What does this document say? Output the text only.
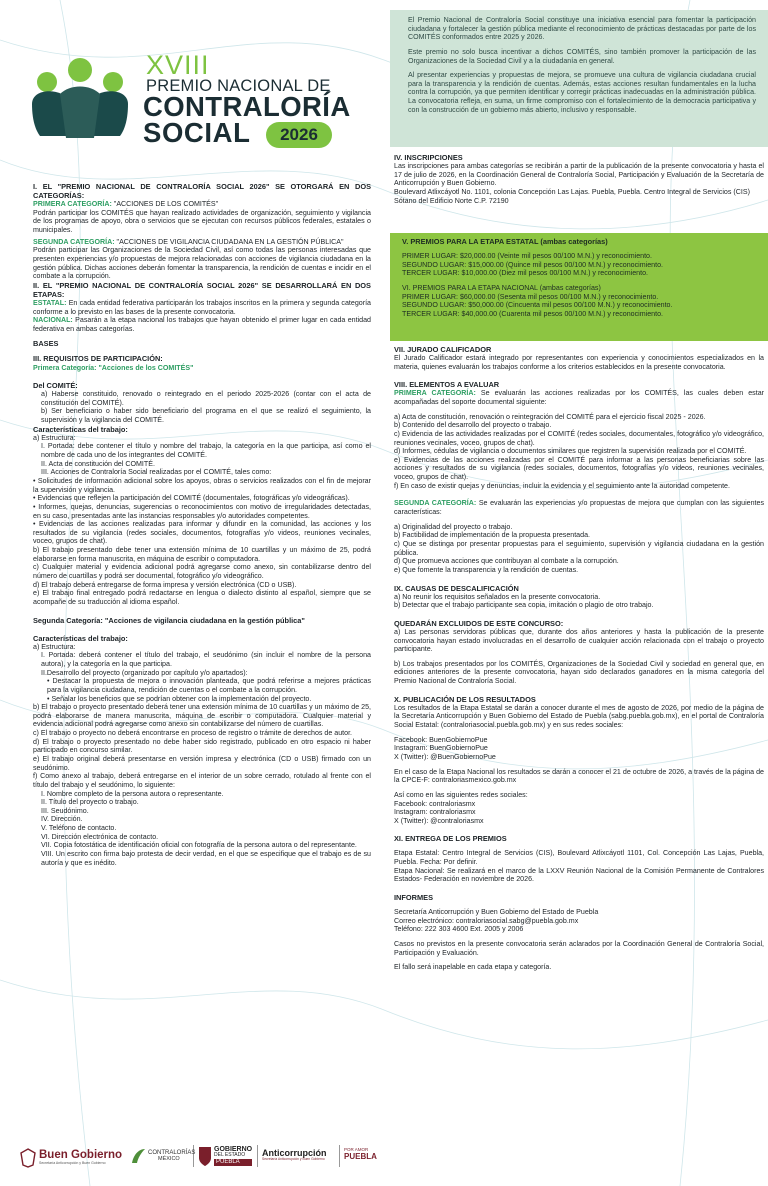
XVIII
PREMIO NACIONAL DE
CONTRALORÍA
SOCIAL	2026

El Premio Nacional de Contraloría Social constituye una iniciativa esencial para fomentar la participación ciudadana y fortalecer la gestión pública mediante el reconocimiento de prácticas destacadas por parte de los COMITÉS conformados entre 2025 y 2026.

Este premio no solo busca incentivar a dichos COMITÉS, sino también promover la participación de las Organizaciones de la Sociedad Civil y a la ciudadanía en general.

Al presentar experiencias y propuestas de mejora, se promueve una cultura de vigilancia ciudadana crucial para la transparencia y la rendición de cuentas. Además, estas acciones resultan fundamentales en la lucha contra la corrupción, ya que permiten identificar y corregir prácticas inadecuadas en la administración pública. La convocatoria refleja, en suma, un firme compromiso con el fortalecimiento de la democracia participativa y con la construcción de un gobierno más abierto, inclusivo y responsable.

I. EL "PREMIO NACIONAL DE CONTRALORÍA SOCIAL 2026" SE OTORGARÁ EN DOS CATEGORÍAS:

PRIMERA CATEGORÍA: "ACCIONES DE LOS COMITÉS"

Podrán participar los COMITÉS que hayan realizado actividades de organización, seguimiento y vigilancia de los programas de apoyo, obra o servicios que se ejecutan con recursos públicos federales, estatales o municipales.

SEGUNDA CATEGORÍA: "ACCIONES DE VIGILANCIA CIUDADANA EN LA GESTIÓN PÚBLICA"

Podrán participar las Organizaciones de la Sociedad Civil, así como todas las personas interesadas que presenten experiencias y/o propuestas de mejora relacionadas con acciones de vigilancia ciudadana en la gestión pública. Dichas acciones deberán fomentar la transparencia, la rendición de cuentas e incidir en el combate a la corrupción.

II. EL "PREMIO NACIONAL DE CONTRALORÍA SOCIAL 2026" SE DESARROLLARÁ EN DOS ETAPAS:

ESTATAL: En cada entidad federativa participarán los trabajos inscritos en la primera y segunda categoría conforme a lo previsto en las bases de la presente convocatoria.

NACIONAL: Pasarán a la etapa nacional los trabajos que hayan obtenido el primer lugar en cada entidad federativa en ambas categorías.

BASES

III. REQUISITOS DE PARTICIPACIÓN:

Primera Categoría: "Acciones de los COMITÉS"

Del COMITÉ:

a) Haberse constituido, renovado o reintegrado en el periodo 2025-2026 (contar con el acta de constitución del COMITÉ).

b) Ser beneficiario o haber sido beneficiario del programa en el que se realizó el seguimiento, la supervisión y la vigilancia del COMITÉ.

Características del trabajo:

a) Estructura:

I. Portada: debe contener el título y nombre del trabajo, la categoría en la que participa, así como el nombre de cada uno de los integrantes del COMITÉ.

II. Acta de constitución del COMITÉ.

III. Acciones de Contraloría Social realizadas por el COMITÉ, tales como:

• Solicitudes de información adicional sobre los apoyos, obras o servicios realizados con el fin de mejorar la supervisión y vigilancia.

• Evidencias que reflejen la participación del COMITÉ (documentales, fotográficas y/o videográficas).

• Informes, quejas, denuncias, sugerencias o reconocimientos con motivo de irregularidades detectadas, en su caso, presentadas ante las instancias responsables y/o autoridades competentes.

• Evidencias de las acciones realizadas para informar y difundir en la comunidad, las acciones y los resultados de su vigilancia (redes sociales, documentos, fotografías y/o videos, reuniones vecinales, voceo, grupos de chat).

b) El trabajo presentado debe tener una extensión mínima de 10 cuartillas y un máximo de 25, podrá elaborarse en forma manuscrita, en máquina de escribir o computadora.

c) Cualquier material y evidencia adicional podrá agregarse como anexo, sin contabilizarse dentro del número de cuartillas y podrá ser documental, fotográfico y/o videográfico.

d) El trabajo deberá entregarse de forma impresa y versión electrónica (CD o USB).

e) El trabajo final entregado podrá redactarse en lengua o dialecto distinto al español, siempre que se acompañe de su traducción al idioma español.

Segunda Categoría: "Acciones de vigilancia ciudadana en la gestión pública"

Características del trabajo:

a) Estructura:

I. Portada: deberá contener el título del trabajo, el seudónimo (sin incluir el nombre de la persona autora), y la categoría en la que participa.

II.Desarrollo del proyecto (organizado por capítulo y/o apartados):

• Destacar la propuesta de mejora o innovación planteada, que podrá referirse a mejores prácticas para la vigilancia ciudadana, rendición de cuentas o el combate a la corrupción.

• Señalar los beneficios que se podrían obtener con la implementación del proyecto.

b) El trabajo o proyecto presentado deberá tener una extensión mínima de 10 cuartillas y un máximo de 25, podrá elaborarse de manera manuscrita, máquina de escribir o computadora. Cualquier material y evidencia adicional podrá agregarse como anexo sin contabilizarse del número de cuartillas.

c) El trabajo o proyecto no deberá encontrarse en proceso de registro o trámite de derechos de autor.

d) El trabajo o proyecto presentado no debe haber sido registrado, publicado en otro espacio ni haber participado en concurso similar.

e) El trabajo original deberá presentarse en versión impresa y electrónica (CD o USB) firmado con un seudónimo.

f) Como anexo al trabajo, deberá entregarse en el interior de un sobre cerrado, rotulado al frente con el título del trabajo y el seudónimo, lo siguiente:

I. Nombre completo de la persona autora o representante.

II. Título del proyecto o trabajo.

III. Seudónimo.

IV. Dirección.

V. Teléfono de contacto.

VI. Dirección electrónica de contacto.

VII. Copia fotostática de identificación oficial con fotografía de la persona autora o del representante.

VIII. Un escrito con firma bajo protesta de decir verdad, en el que se especifique que el trabajo es de su autoría y que es inédito.

IV. INSCRIPCIONES

Las inscripciones para ambas categorías se recibirán a partir de la publicación de la presente convocatoria y hasta el 17 de julio de 2026, en la Coordinación General de Contraloría Social, Participación y Evaluación de la Secretaría de Anticorrupción y Buen Gobierno.

Boulevard Atlixcáyotl No. 1101, colonia Concepción Las Lajas. Puebla, Puebla. Centro Integral de Servicios (CIS) Sótano del Edificio Norte C.P. 72190

V. PREMIOS PARA LA ETAPA ESTATAL (ambas categorías)

PRIMER LUGAR: $20,000.00 (Veinte mil pesos 00/100 M.N.) y reconocimiento.

SEGUNDO LUGAR: $15,000.00 (Quince mil pesos 00/100 M.N.) y reconocimiento.

TERCER LUGAR: $10,000.00 (Diez mil pesos 00/100 M.N.) y reconocimiento.

VI. PREMIOS PARA LA ETAPA NACIONAL (ambas categorías)

PRIMER LUGAR: $60,000.00 (Sesenta mil pesos 00/100 M.N.) y reconocimiento.

SEGUNDO LUGAR: $50,000.00 (Cincuenta mil pesos 00/100 M.N.) y reconocimiento.

TERCER LUGAR: $40,000.00 (Cuarenta mil pesos 00/100 M.N.) y reconocimiento.

VII. JURADO CALIFICADOR

El Jurado Calificador estará integrado por representantes con experiencia y conocimientos especializados en la materia, quienes evaluarán los trabajos conforme a los criterios establecidos en la presente convocatoria.

VIII. ELEMENTOS A EVALUAR

PRIMERA CATEGORÍA: Se evaluarán las acciones realizadas por los COMITÉS, las cuales deben estar acompañadas del soporte documental siguiente:

a) Acta de constitución, renovación o reintegración del COMITÉ para el ejercicio fiscal 2025 - 2026.

b) Contenido del desarrollo del proyecto o trabajo.

c) Evidencia de las actividades realizadas por el COMITÉ (redes sociales, documentales, fotográfico y/o videográfico, reuniones vecinales, voceo, grupos de chat).

d) Informes, cédulas de vigilancia o documentos similares que registren la supervisión realizada por el COMITÉ.

e) Evidencias de las acciones realizadas por el COMITÉ para informar a las personas beneficiarias sobre las acciones y resultados de su vigilancia (redes sociales, documentos, fotografías y/o videos, reuniones vecinales, voceo, grupos de chat).

f) En caso de existir quejas y denuncias, incluir la evidencia y el seguimiento ante la autoridad competente.

SEGUNDA CATEGORÍA: Se evaluarán las experiencias y/o propuestas de mejora que cumplan con las siguientes características:

a) Originalidad del proyecto o trabajo.

b) Factibilidad de implementación de la propuesta presentada.

c) Que se distinga por presentar propuestas para el seguimiento, supervisión y vigilancia ciudadana en la gestión pública.

d) Que promueva acciones que contribuyan al combate a la corrupción.

e) Que fomente la transparencia y la rendición de cuentas.

IX. CAUSAS DE DESCALIFICACIÓN

a) No reunir los requisitos señalados en la presente convocatoria.

b) Detectar que el trabajo participante sea copia, imitación o plagio de otro trabajo.

QUEDARÁN EXCLUIDOS DE ESTE CONCURSO:

a) Las personas servidoras públicas que, durante dos años anteriores y hasta la publicación de la presente convocatoria hayan estado involucradas en el desarrollo de cualquier acción relacionada con el trabajo o proyecto participante.

b) Los trabajos presentados por los COMITÉS, Organizaciones de la Sociedad Civil y sociedad en general que, en ediciones anteriores de la presente convocatoria, hayan sido declarados ganadores en la misma categoría del Premio Nacional de Contraloría Social.

X. PUBLICACIÓN DE LOS RESULTADOS

Los resultados de la Etapa Estatal se darán a conocer durante el mes de agosto de 2026, por medio de la página de la Secretaría Anticorrupción y Buen Gobierno del Estado de Puebla (sabg.puebla.gob.mx), en el portal de Contraloría Social Estatal: (contraloriasocial.puebla.gob.mx) y en sus redes sociales:

Facebook: BuenGobiernoPue

Instagram: BuenGobiernoPue

X (Twitter): @BuenGobiernoPue

En el caso de la Etapa Nacional los resultados se darán a conocer el 21 de octubre de 2026, a través de la página de la CPCE-F: contraloriasmexico.gob.mx

Así como en las siguientes redes sociales:

Facebook: contraloriasmx

Instagram: contraloriasmx

X (Twitter): @contraloriasmx

XI. ENTREGA DE LOS PREMIOS

Etapa Estatal: Centro Integral de Servicios (CIS), Boulevard Atlixcáyotl 1101, Col. Concepción Las Lajas, Puebla, Puebla. Fecha: Por definir.

Etapa Nacional: Se realizará en el marco de la LXXV Reunión Nacional de la Comisión Permanente de Contralores Estados- Federación en noviembre de 2026.

INFORMES

Secretaría Anticorrupción y Buen Gobierno del Estado de Puebla

Correo electrónico: contraloriasocial.sabg@puebla.gob.mx

Teléfono: 222 303 4600 Ext. 2005 y 2006

Casos no previstos en la presente convocatoria serán aclarados por la Coordinación General de Contraloría Social, Participación y Evaluación.

El fallo será inapelable en cada etapa y categoría.

Buen Gobierno
Secretaría Anticorrupción y Buen Gobierno
CONTRALORÍAS
MÉXICO
GOBIERNO
DEL ESTADO
PUEBLA
Anticorrupción
Secretaría Anticorrupción y Buen Gobierno
POR AMOR
PUEBLA
